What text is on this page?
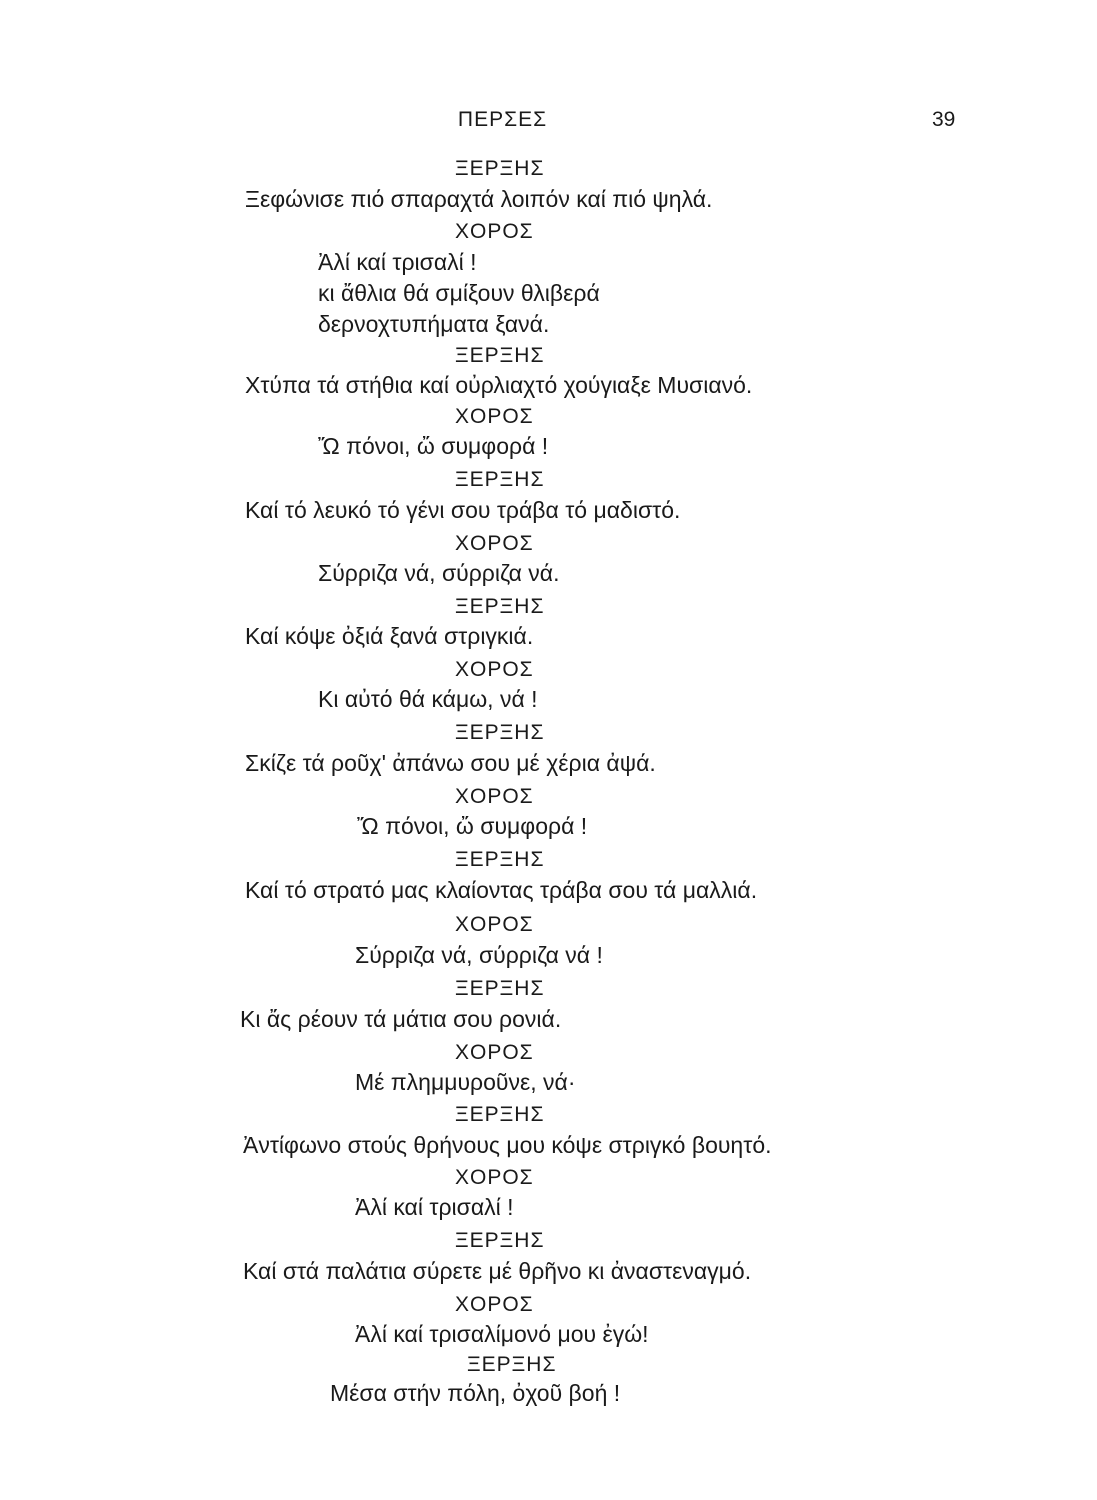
ΠΕΡΣΕΣ	39
ΞΕΡΞΗΣ
Ξεφώνισε πιό σπαραχτά λοιπόν καί πιό ψηλά.
ΧΟΡΟΣ
Ἀλί καί τρισαλί !
κι ἄθλια θά σμίξουν θλιβερά
δερνοχτυπήματα ξανά.
ΞΕΡΞΗΣ
Χτύπα τά στήθια καί οὐρλιαχτό χούγιαξε Μυσιανό.
ΧΟΡΟΣ
Ὤ πόνοι, ὤ συμφορά !
ΞΕΡΞΗΣ
Καί τό λευκό τό γένι σου τράβα τό μαδιστό.
ΧΟΡΟΣ
Σύρριζα νά, σύρριζα νά.
ΞΕΡΞΗΣ
Καί κόψε ὀξιά ξανά στριγκιά.
ΧΟΡΟΣ
Κι αὐτό θά κάμω, νά !
ΞΕΡΞΗΣ
Σκίζε τά ροῦχ' ἀπάνω σου μέ χέρια ἀψά.
ΧΟΡΟΣ
Ὤ πόνοι, ὤ συμφορά !
ΞΕΡΞΗΣ
Καί τό στρατό μας κλαίοντας τράβα σου τά μαλλιά.
ΧΟΡΟΣ
Σύρριζα νά, σύρριζα νά !
ΞΕΡΞΗΣ
Κι ἄς ρέουν τά μάτια σου ρονιά.
ΧΟΡΟΣ
Μέ πλημμυροῦνε, νά·
ΞΕΡΞΗΣ
Ἀντίφωνο στούς θρήνους μου κόψε στριγκό βουητό.
ΧΟΡΟΣ
Ἀλί καί τρισαλί !
ΞΕΡΞΗΣ
Καί στά παλάτια σύρετε μέ θρῆνο κι ἀναστεναγμό.
ΧΟΡΟΣ
Ἀλί καί τρισαλίμονό μου ἐγώ!
ΞΕΡΞΗΣ
Μέσα στήν πόλη, ὀχοῦ βοή !
